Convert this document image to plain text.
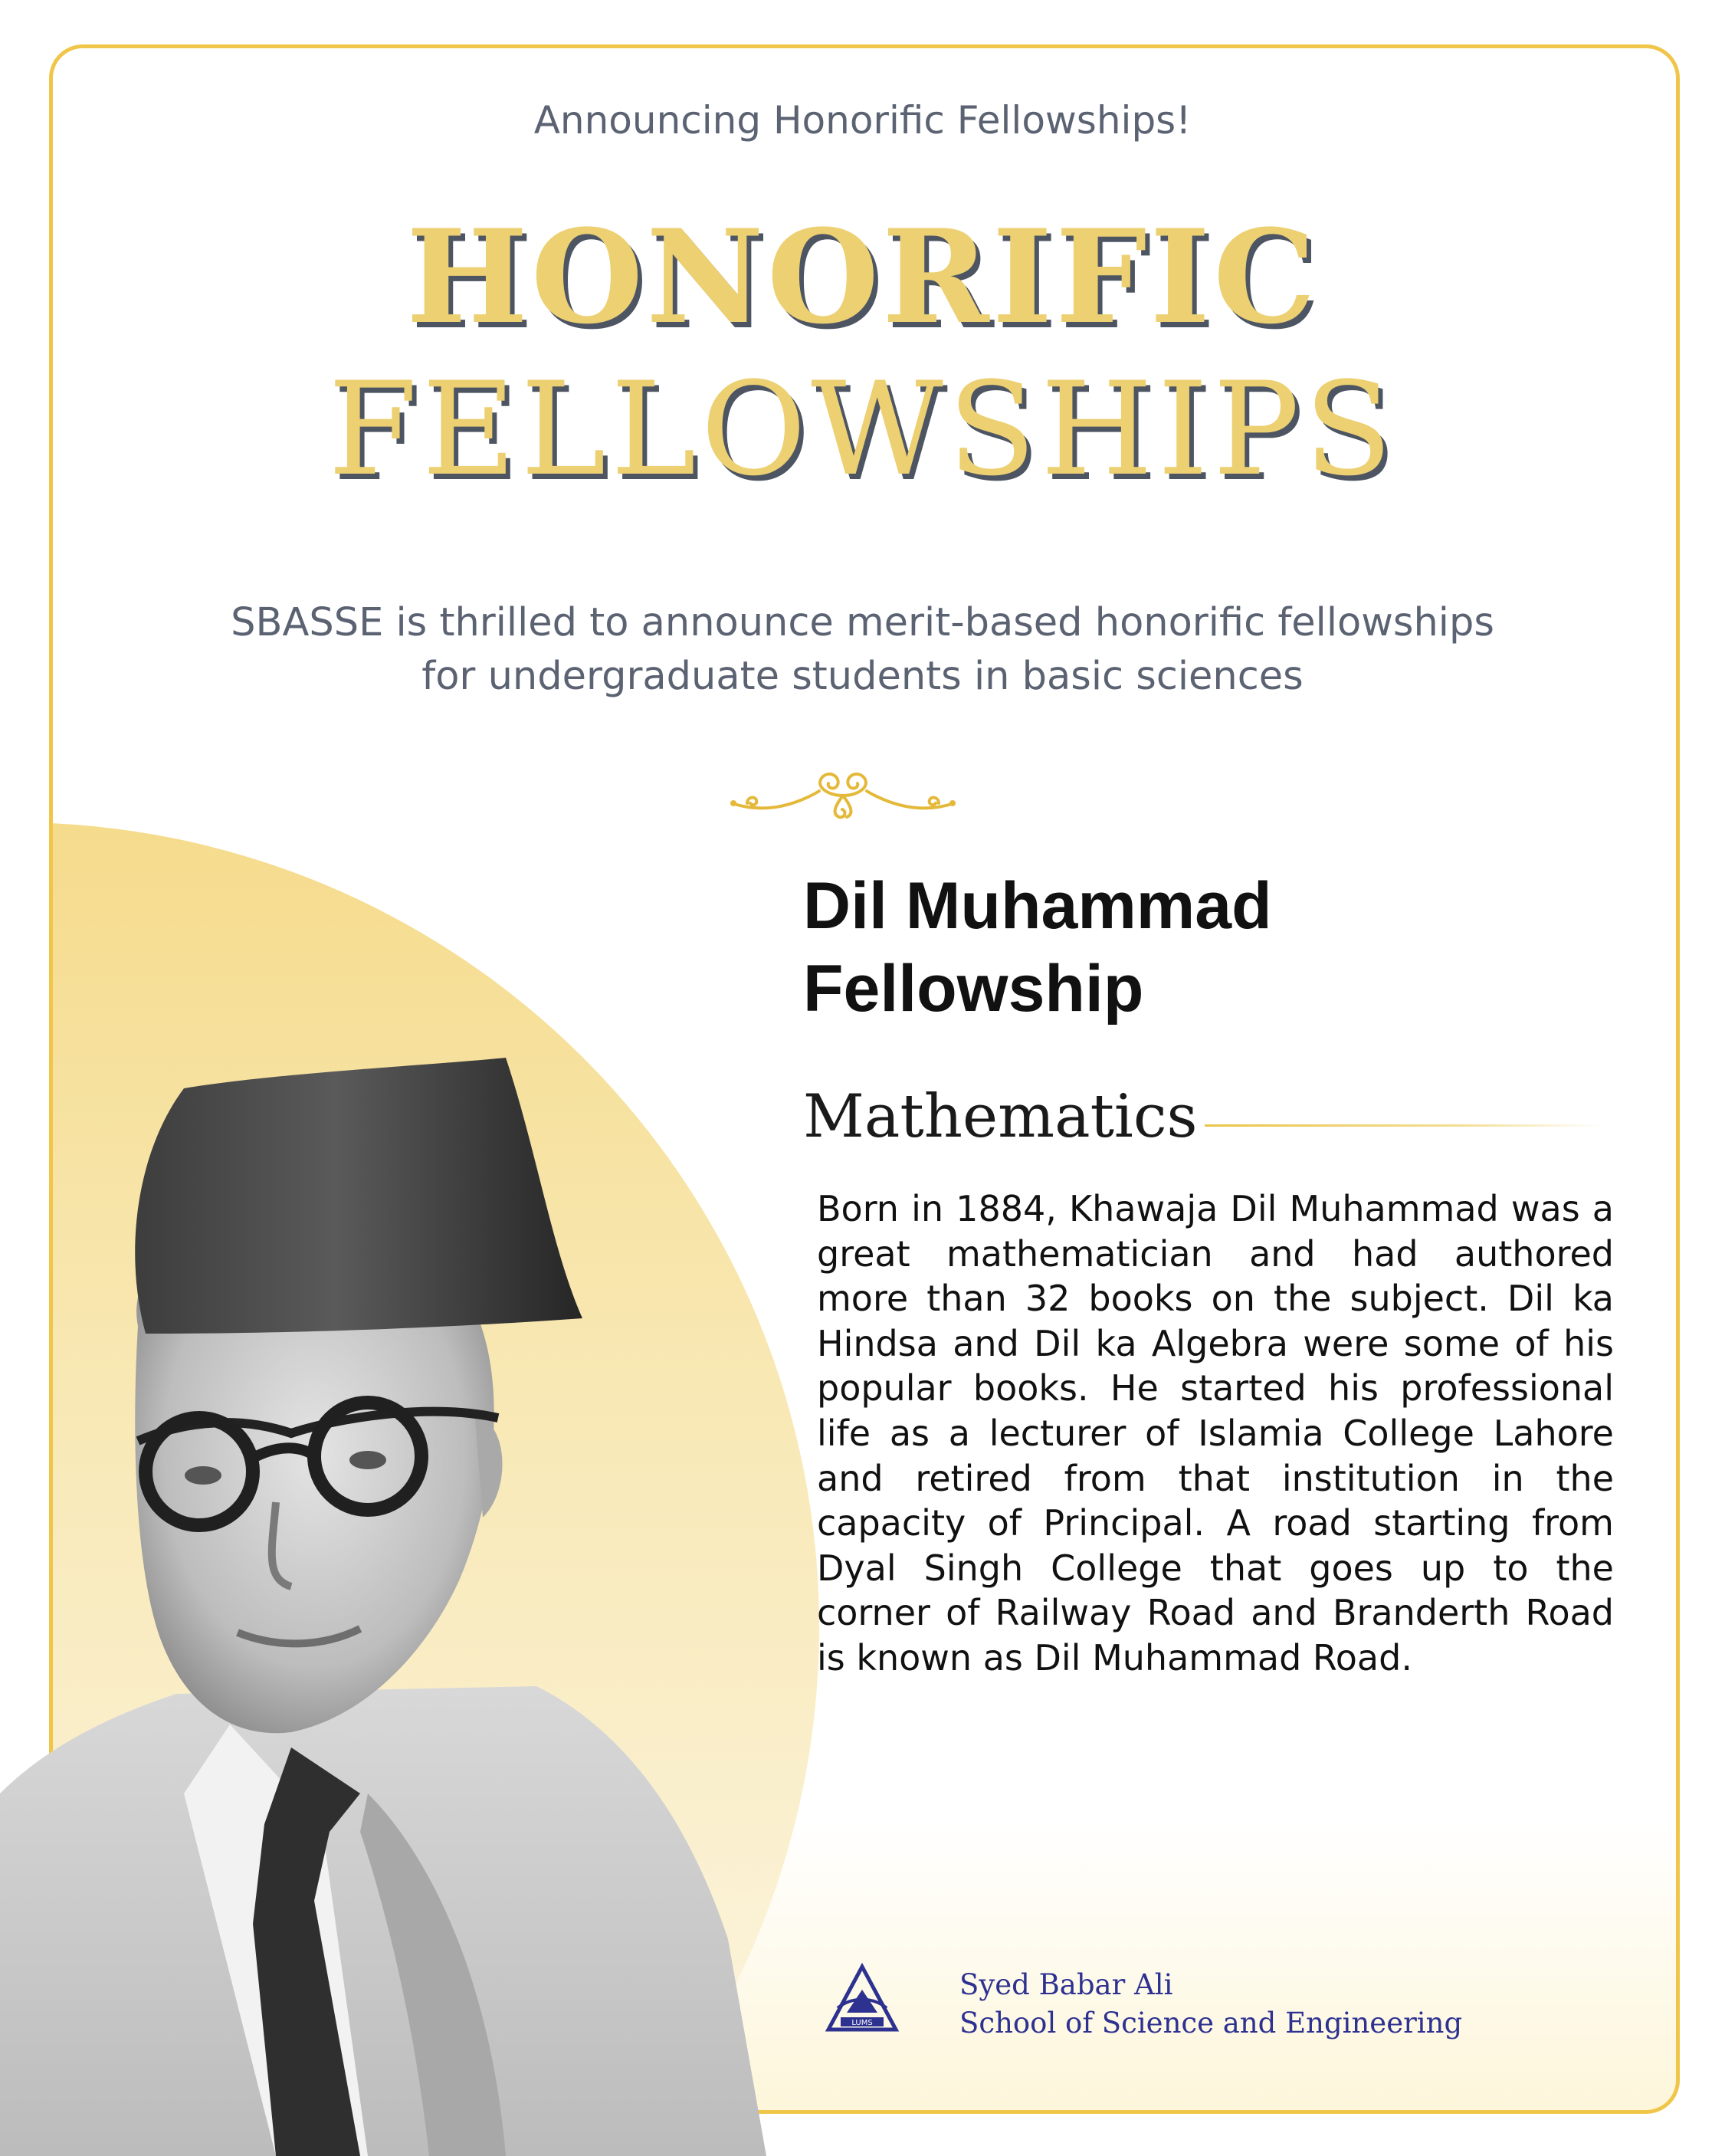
Announcing Honorific Fellowships!
HONORIFIC
FELLOWSHIPS
SBASSE is thrilled to announce merit-based honorific fellowships
for undergraduate students in basic sciences
Dil Muhammad
Fellowship
Mathematics
Born in 1884, Khawaja Dil Muhammad was a great mathematician and had authored more than 32 books on the subject. Dil ka Hindsa and Dil ka Algebra were some of his popular books. He started his professional life as a lecturer of Islamia College Lahore and retired from that institution in the capacity of Principal. A road starting from Dyal Singh College that goes up to the corner of Railway Road and Branderth Road is known as Dil Muhammad Road.
LUMS
Syed Babar Ali
School of Science and Engineering
